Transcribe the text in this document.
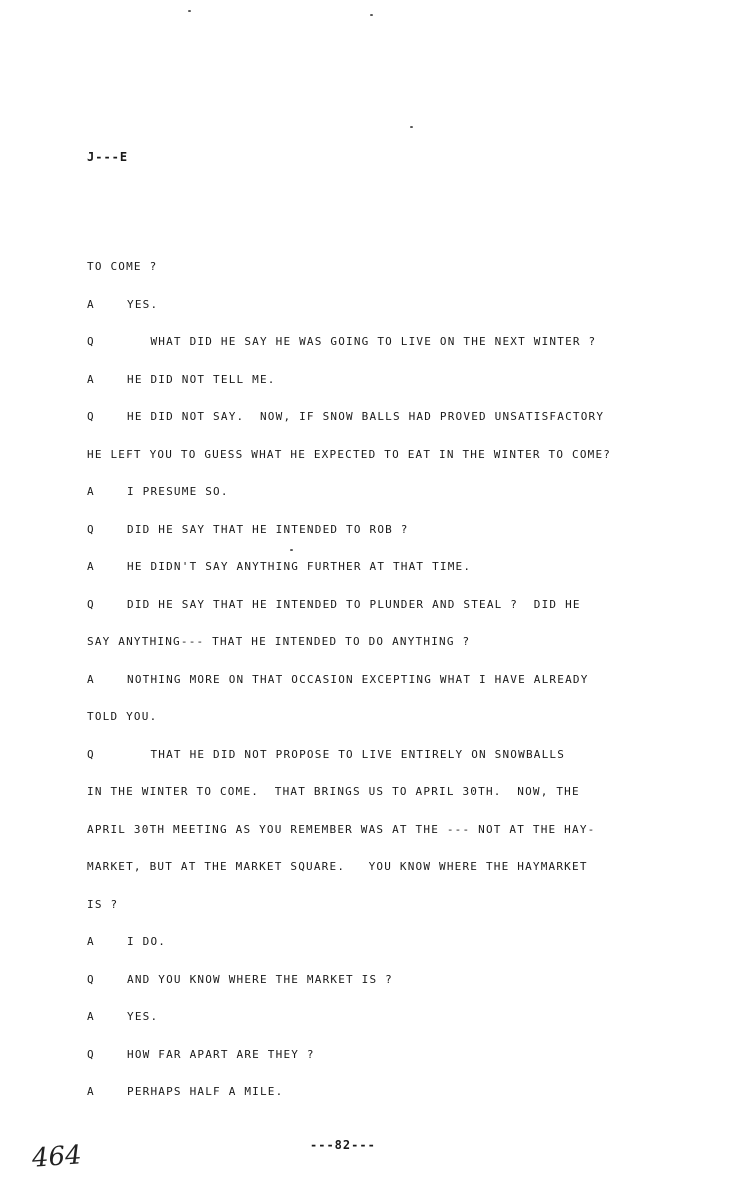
J---E
TO COME ?
A	YES.
Q	WHAT DID HE SAY HE WAS GOING TO LIVE ON THE NEXT WINTER ?
A	HE DID NOT TELL ME.
Q	HE DID NOT SAY.  NOW, IF SNOW BALLS HAD PROVED UNSATISFACTORY
HE LEFT YOU TO GUESS WHAT HE EXPECTED TO EAT IN THE WINTER TO COME?
A	I PRESUME SO.
Q	DID HE SAY THAT HE INTENDED TO ROB ?
A	HE DIDN'T SAY ANYTHING FURTHER AT THAT TIME.
Q	DID HE SAY THAT HE INTENDED TO PLUNDER AND STEAL ?  DID HE
SAY ANYTHING--- THAT HE INTENDED TO DO ANYTHING ?
A	NOTHING MORE ON THAT OCCASION EXCEPTING WHAT I HAVE ALREADY
TOLD YOU.
Q	THAT HE DID NOT PROPOSE TO LIVE ENTIRELY ON SNOWBALLS
IN THE WINTER TO COME.  THAT BRINGS US TO APRIL 30TH.  NOW, THE
APRIL 30TH MEETING AS YOU REMEMBER WAS AT THE --- NOT AT THE HAY-
MARKET, BUT AT THE MARKET SQUARE.   YOU KNOW WHERE THE HAYMARKET
IS ?
A	I DO.
Q	AND YOU KNOW WHERE THE MARKET IS ?
A	YES.
Q	HOW FAR APART ARE THEY ?
A	PERHAPS HALF A MILE.
---82---
464
